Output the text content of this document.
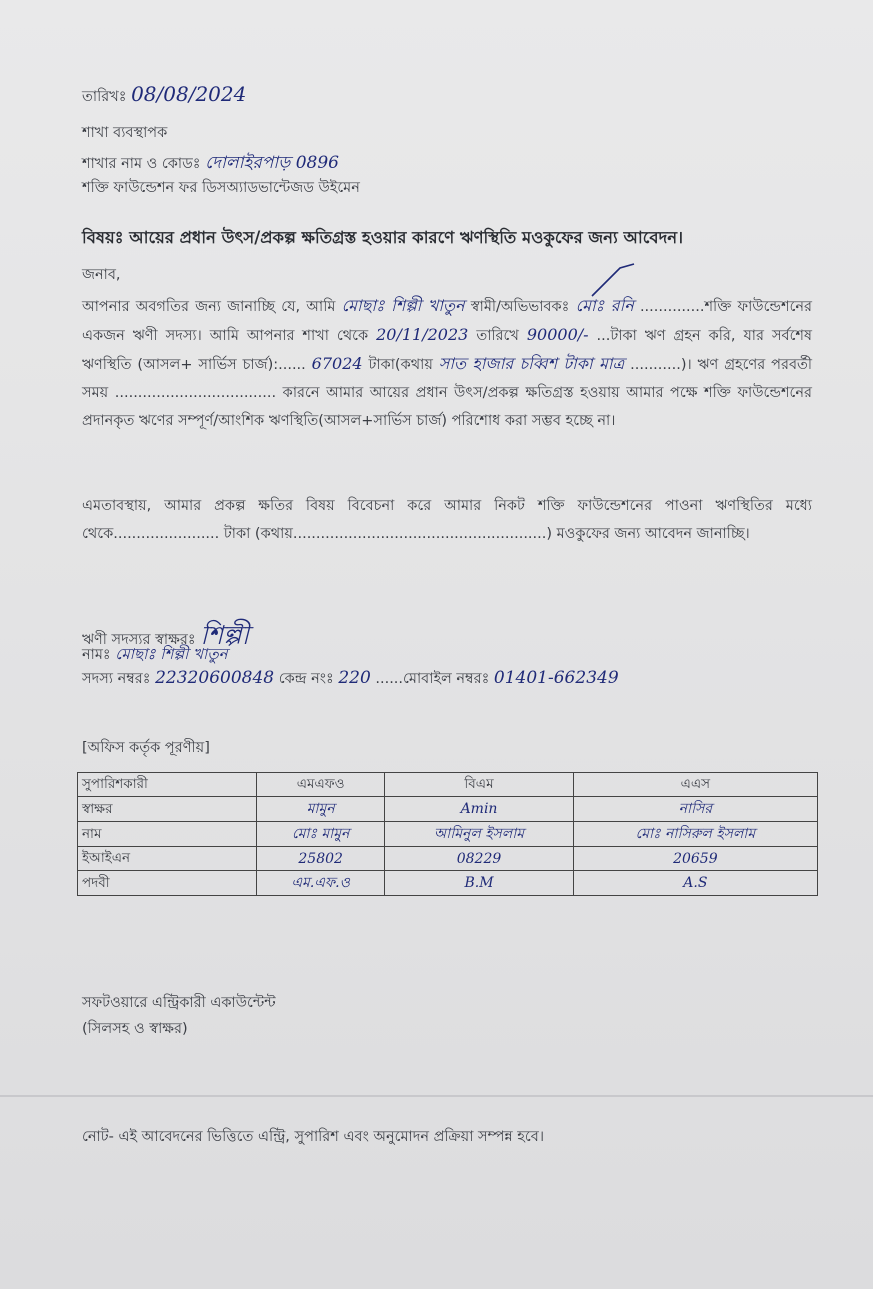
তারিখঃ 08/08/2024
শাখা ব্যবস্থাপক
শাখার নাম ও কোডঃ দোলাইরপাড় 0896
শক্তি ফাউন্ডেশন ফর ডিসঅ্যাডভান্টেজড উইমেন
বিষয়ঃ আয়ের প্রধান উৎস/প্রকল্প ক্ষতিগ্রস্ত হওয়ার কারণে ঋণস্থিতি মওকুফের জন্য আবেদন।
জনাব,
আপনার অবগতির জন্য জানাচ্ছি যে, আমি মোছাঃ শিল্পী খাতুন স্বামী/অভিভাবকঃ মোঃ রনি ..............শক্তি ফাউন্ডেশনের একজন ঋণী সদস্য। আমি আপনার শাখা থেকে 20/11/2023 তারিখে 90000/- ...টাকা ঋণ গ্রহন করি, যার সর্বশেষ ঋণস্থিতি (আসল+ সার্ভিস চার্জ):...... 67024 টাকা(কথায় সাত হাজার চব্বিশ টাকা মাত্র ...........)। ঋণ গ্রহণের পরবর্তী সময় ................................... কারনে আমার আয়ের প্রধান উৎস/প্রকল্প ক্ষতিগ্রস্ত হওয়ায় আমার পক্ষে শক্তি ফাউন্ডেশনের প্রদানকৃত ঋণের সম্পূর্ণ/আংশিক ঋণস্থিতি(আসল+সার্ভিস চার্জ) পরিশোধ করা সম্ভব হচ্ছে না।
এমতাবস্থায়, আমার প্রকল্প ক্ষতির বিষয় বিবেচনা করে আমার নিকট শক্তি ফাউন্ডেশনের পাওনা ঋণস্থিতির মধ্যে থেকে....................... টাকা (কথায়.......................................................) মওকুফের জন্য আবেদন জানাচ্ছি।
ঋণী সদস্যর স্বাক্ষরঃ শিল্পী
নামঃ মোছাঃ শিল্পী খাতুন
সদস্য নম্বরঃ 22320600848 কেন্দ্র নংঃ 220 ......মোবাইল নম্বরঃ 01401-662349
[অফিস কর্তৃক পূরণীয়]
সুপারিশকারী	এমএফও	বিএম	এএস
স্বাক্ষর	মামুন	Amin	নাসির
নাম	মোঃ মামুন	আমিনুল ইসলাম	মোঃ নাসিরুল ইসলাম
ইআইএন	25802	08229	20659
পদবী	এম.এফ.ও	B.M	A.S
সফটওয়ারে এন্ট্রিকারী একাউন্টেন্ট
(সিলসহ ও স্বাক্ষর)
নোট- এই আবেদনের ভিত্তিতে এন্ট্রি, সুপারিশ এবং অনুমোদন প্রক্রিয়া সম্পন্ন হবে।
